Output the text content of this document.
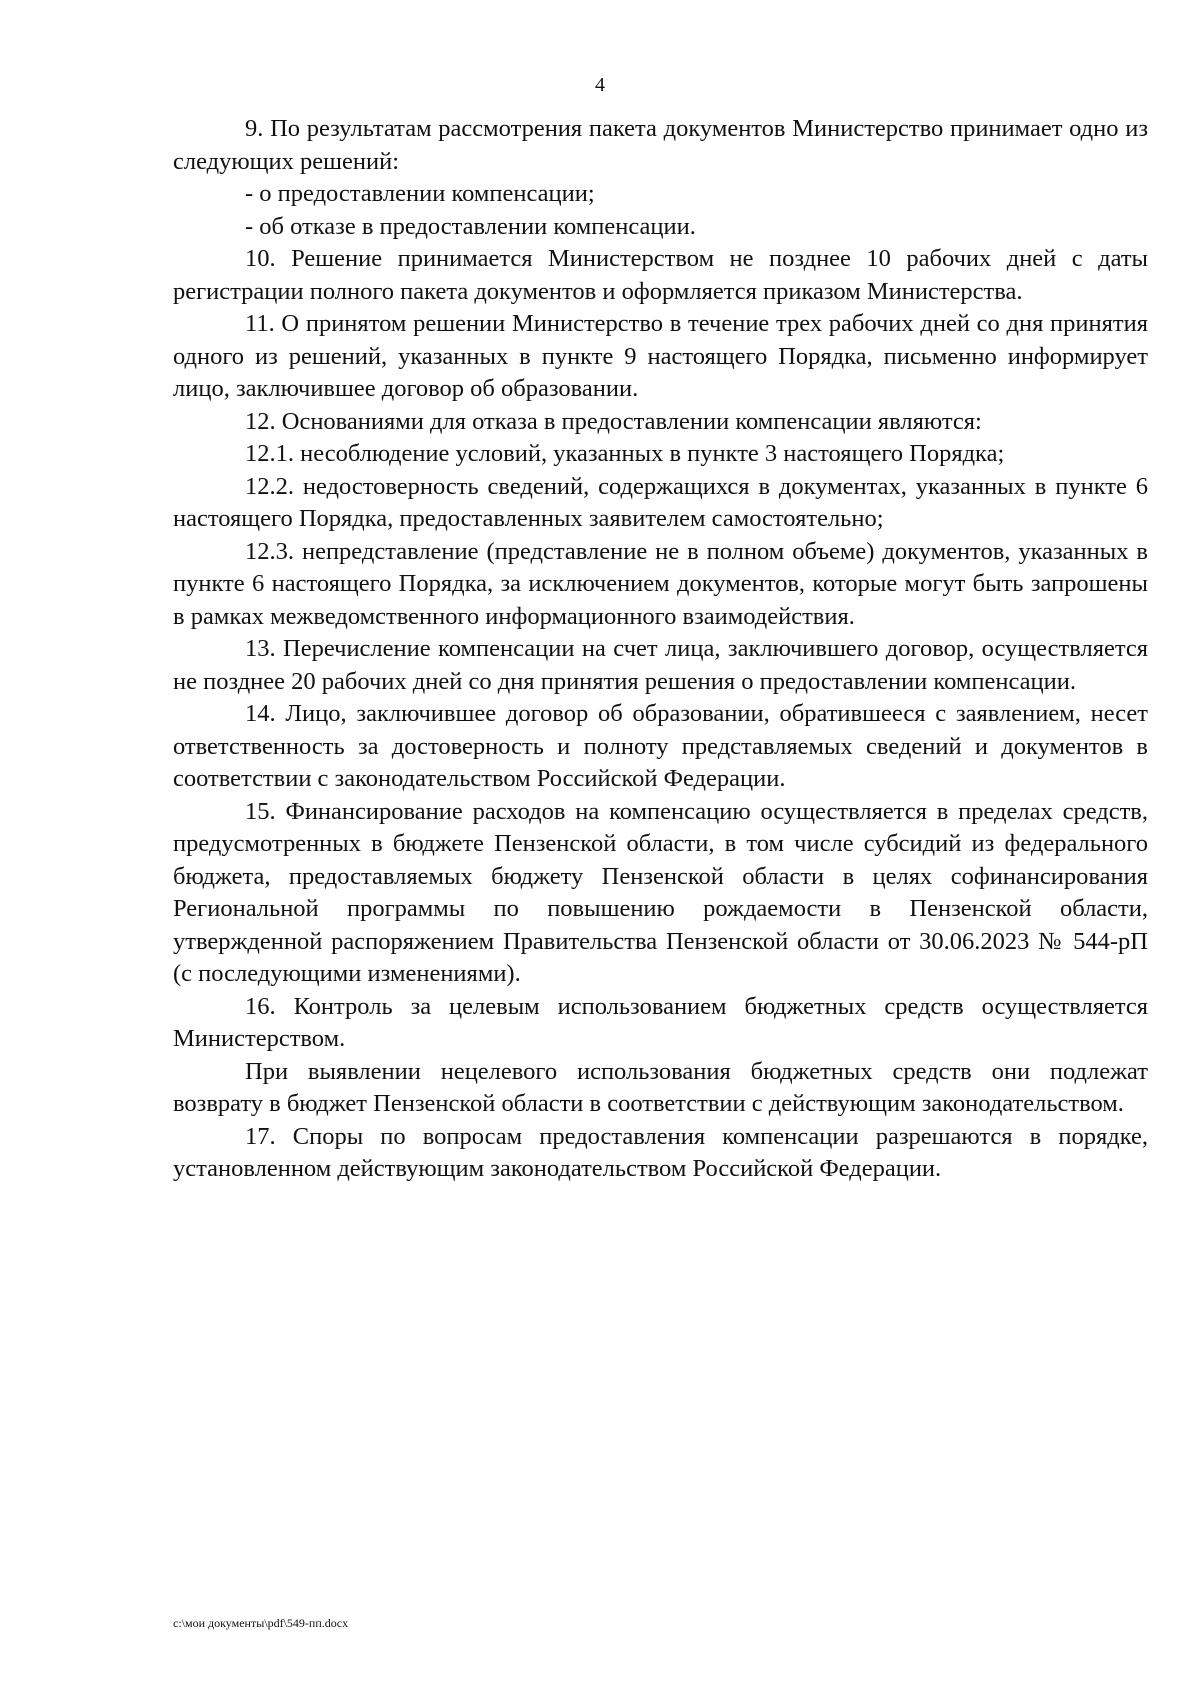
4

9. По результатам рассмотрения пакета документов Министерство принимает одно из следующих решений:

- о предоставлении компенсации;

- об отказе в предоставлении компенсации.

10. Решение принимается Министерством не позднее 10 рабочих дней с даты регистрации полного пакета документов и оформляется приказом Министерства.

11. О принятом решении Министерство в течение трех рабочих дней со дня принятия одного из решений, указанных в пункте 9 настоящего Порядка, письменно информирует лицо, заключившее договор об образовании.

12. Основаниями для отказа в предоставлении компенсации являются:

12.1. несоблюдение условий, указанных в пункте 3 настоящего Порядка;

12.2. недостоверность сведений, содержащихся в документах, указанных в пункте 6 настоящего Порядка, предоставленных заявителем самостоятельно;

12.3. непредставление (представление не в полном объеме) документов, указанных в пункте 6 настоящего Порядка, за исключением документов, которые могут быть запрошены в рамках межведомственного информационного взаимодействия.

13. Перечисление компенсации на счет лица, заключившего договор, осуществляется не позднее 20 рабочих дней со дня принятия решения о предоставлении компенсации.

14. Лицо, заключившее договор об образовании, обратившееся с заявлением, несет ответственность за достоверность и полноту представляемых сведений и документов в соответствии с законодательством Российской Федерации.

15. Финансирование расходов на компенсацию осуществляется в пределах средств, предусмотренных в бюджете Пензенской области, в том числе субсидий из федерального бюджета, предоставляемых бюджету Пензенской области в целях софинансирования Региональной программы по повышению рождаемости в Пензенской области, утвержденной распоряжением Правительства Пензенской области от 30.06.2023 № 544-рП (с последующими изменениями).

16. Контроль за целевым использованием бюджетных средств осуществляется Министерством.

При выявлении нецелевого использования бюджетных средств они подлежат возврату в бюджет Пензенской области в соответствии с действующим законодательством.

17. Споры по вопросам предоставления компенсации разрешаются в порядке, установленном действующим законодательством Российской Федерации.

c:\мои документы\pdf\549-пп.docx
